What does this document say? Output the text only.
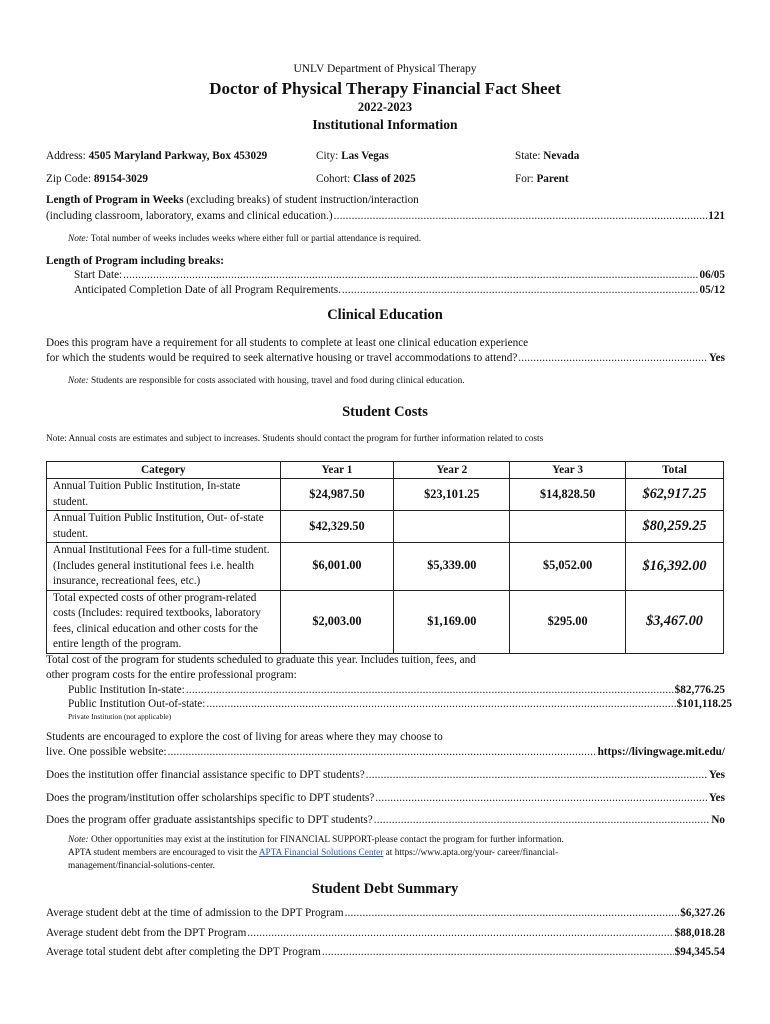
UNLV Department of Physical Therapy
Doctor of Physical Therapy Financial Fact Sheet
2022-2023
Institutional Information
Address: 4505 Maryland Parkway, Box 453029	City: Las Vegas	State: Nevada
Zip Code: 89154-3029	Cohort: Class of 2025	For: Parent
Length of Program in Weeks (excluding breaks) of student instruction/interaction
(including classroom, laboratory, exams and clinical education.) .....	121
Note: Total number of weeks includes weeks where either full or partial attendance is required.
Length of Program including breaks:
Start Date: .....	06/05
Anticipated Completion Date of all Program Requirements. .....	05/12
Clinical Education
Does this program have a requirement for all students to complete at least one clinical education experience
for which the students would be required to seek alternative housing or travel accommodations to attend? .....	Yes
Note: Students are responsible for costs associated with housing, travel and food during clinical education.
Student Costs
Note: Annual costs are estimates and subject to increases. Students should contact the program for further information related to costs
Category	Year 1	Year 2	Year 3	Total
Annual Tuition Public Institution, In-state student.	$24,987.50	$23,101.25	$14,828.50	$62,917.25
Annual Tuition Public Institution, Out- of-state student.	$42,329.50			$80,259.25
Annual Institutional Fees for a full-time student. (Includes general institutional fees i.e. health insurance, recreational fees, etc.)	$6,001.00	$5,339.00	$5,052.00	$16,392.00
Total expected costs of other program-related costs (Includes: required textbooks, laboratory fees, clinical education and other costs for the entire length of the program.	$2,003.00	$1,169.00	$295.00	$3,467.00
Total cost of the program for students scheduled to graduate this year. Includes tuition, fees, and
other program costs for the entire professional program:
Public Institution In-state: .....	$82,776.25
Public Institution Out-of-state: .....	$101,118.25
Private Institution (not applicable)
Students are encouraged to explore the cost of living for areas where they may choose to
live. One possible website: .....	https://livingwage.mit.edu/
Does the institution offer financial assistance specific to DPT students? .....	Yes
Does the program/institution offer scholarships specific to DPT students? .....	Yes
Does the program offer graduate assistantships specific to DPT students? .....	No
Note: Other opportunities may exist at the institution for FINANCIAL SUPPORT-please contact the program for further information.
APTA student members are encouraged to visit the APTA Financial Solutions Center at https://www.apta.org/your- career/financial-
management/financial-solutions-center.
Student Debt Summary
Average student debt at the time of admission to the DPT Program .....	$6,327.26
Average student debt from the DPT Program .....	$88,018.28
Average total student debt after completing the DPT Program .....	$94,345.54
